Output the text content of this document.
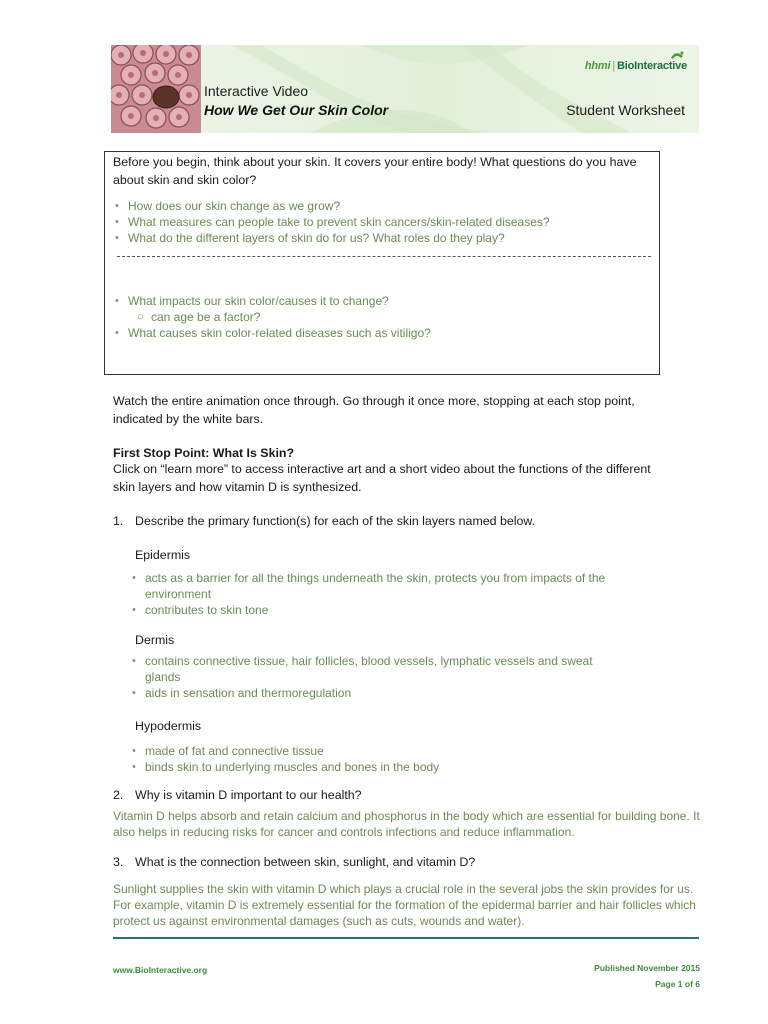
hhmi | BioInteractive
Interactive Video
How We Get Our Skin Color	Student Worksheet
Before you begin, think about your skin. It covers your entire body! What questions do you have about skin and skin color?
• How does our skin change as we grow?
• What measures can people take to prevent skin cancers/skin-related diseases?
• What do the different layers of skin do for us? What roles do they play?
• What impacts our skin color/causes it to change?
○ can age be a factor?
• What causes skin color-related diseases such as vitiligo?
Watch the entire animation once through. Go through it once more, stopping at each stop point, indicated by the white bars.
First Stop Point: What Is Skin?
Click on “learn more” to access interactive art and a short video about the functions of the different skin layers and how vitamin D is synthesized.
1. Describe the primary function(s) for each of the skin layers named below.
Epidermis
• acts as a barrier for all the things underneath the skin, protects you from impacts of the environment
• contributes to skin tone
Dermis
• contains connective tissue, hair follicles, blood vessels, lymphatic vessels and sweat glands
• aids in sensation and thermoregulation
Hypodermis
• made of fat and connective tissue
• binds skin to underlying muscles and bones in the body
2. Why is vitamin D important to our health?
Vitamin D helps absorb and retain calcium and phosphorus in the body which are essential for building bone. It also helps in reducing risks for cancer and controls infections and reduce inflammation.
3. What is the connection between skin, sunlight, and vitamin D?
Sunlight supplies the skin with vitamin D which plays a crucial role in the several jobs the skin provides for us. For example, vitamin D is extremely essential for the formation of the epidermal barrier and hair follicles which protect us against environmental damages (such as cuts, wounds and water).
www.BioInteractive.org	Published November 2015
Page 1 of 6
